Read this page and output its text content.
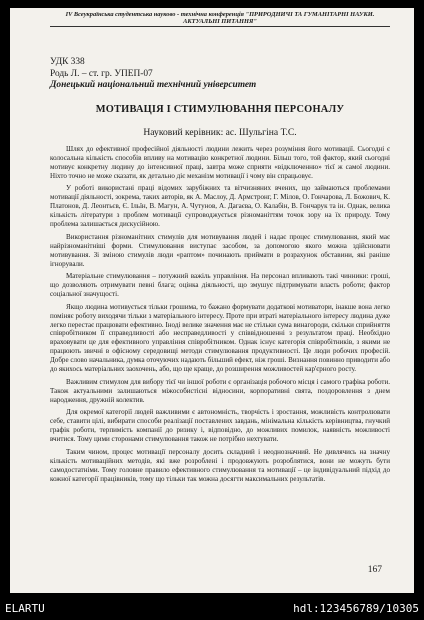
IV Всеукраїнська студентська науково - технічна конференція "ПРИРОДНИЧІ ТА ГУМАНІТАРНІ НАУКИ. АКТУАЛЬНІ ПИТАННЯ"
УДК 338
Родь Л. – ст. гр. УПЕП-07
Донецький національний технічний університет
МОТИВАЦІЯ І СТИМУЛЮВАННЯ ПЕРСОНАЛУ
Науковий керівник: ас. Шульгіна Т.С.

Шлях до ефективної професійної діяльності людини лежить через розуміння його мотивації. Сьогодні є колосальна кількість способів впливу на мотивацію конкретної людини. Більш того, той фактор, який сьогодні мотивує конкретну людину до інтенсивної праці, завтра може сприяти «відключенню» тієї ж самої людини. Ніхто точно не може сказати, як детально діє механізм мотивації і чому він спрацьовує.

У роботі використані праці відомих зарубіжних та вітчизняних вчених, що займаються проблемами мотивації діяльності, зокрема, таких авторів, як А. Маслоу, Д. Армстронг, Г. Мілов, О. Гончарова, Л. Божович, К. Платонов, Д. Леонтьєв, Є. Ільїн, В. Магун, А. Чутунов, А. Дагаєва, О. Калабін, В. Гончарук та ін. Однак, велика кількість літератури з проблем мотивації супроводжується різноманіттям точок зору на їх природу. Тому проблема залишається дискусійною.

Використання різноманітних стимулів для мотивування людей і надає процес стимулювання, який має найрізноманітніші форми. Стимулювання виступає засобом, за допомогою якого можна здійснювати мотивування. Зі зміною стимулів люди «раптом» починають приймати в розрахунок обставини, які раніше ігнорували.

Матеріальне стимулювання – потужний важіль управління. На персонал впливають такі чинники: гроші, що дозволяють отримувати певні блага; оцінка діяльності, що змушує підтримувати власть роботи; фактор соціальної значущості.

Якщо людина мотивується тільки грошима, то бажано формувати додаткові мотиватори, інакше вона легко поміняє роботу виходячи тільки з матеріального інтересу. Проте при втраті матеріального інтересу людина дуже легко перестає працювати ефективно. Іноді велике значення має не стільки сума винагороди, скільки сприйняття співробітником її справедливості або несправедливості у співвідношенні з результатом праці. Необхідно враховувати це для ефективного управління співробітником. Однак існує категорія співробітників, з якими не працюють звичні в офісному середовищі методи стимулювання продуктивності. Це люди робочих професій. Добре слово начальника, думка оточуючих надають більший ефект, ніж гроші. Визнання повинно приводити або до якихось матеріальних заохочень, або, що ще краще, до розширення можливостей кар'єрного росту.

Важливим стимулом для вибору тієї чи іншої роботи є організація робочого місця і самого графіка роботи. Також актуальними залишаються міжособистісні відносини, корпоративні свята, поздоровлення з днем народження, дружній колектив.

Для окремої категорії людей важливими є автономність, творчість і зростання, можливість контролювати себе, ставити цілі, вибирати способи реалізації поставлених завдань, мінімальна кількість керівництва, гнучкий графік роботи, терпимість компанії до ризику і, відповідно, до можливих помилок, наявність можливості вчитися. Тому цими сторонами стимулювання також не потрібно нехтувати.

Таким чином, процес мотивації персоналу досить складний і неоднозначний. Не дивлячись на значну кількість мотиваційних методів, які вже розроблені і продовжують розроблятися, вони не можуть бути самодостатніми. Тому головне правило ефективного стимулювання та мотивації – це індивідуальний підхід до кожної категорії працівників, тому що тільки так можна досягти максимальних результатів.

167
ELARTU	hdl:123456789/10305
